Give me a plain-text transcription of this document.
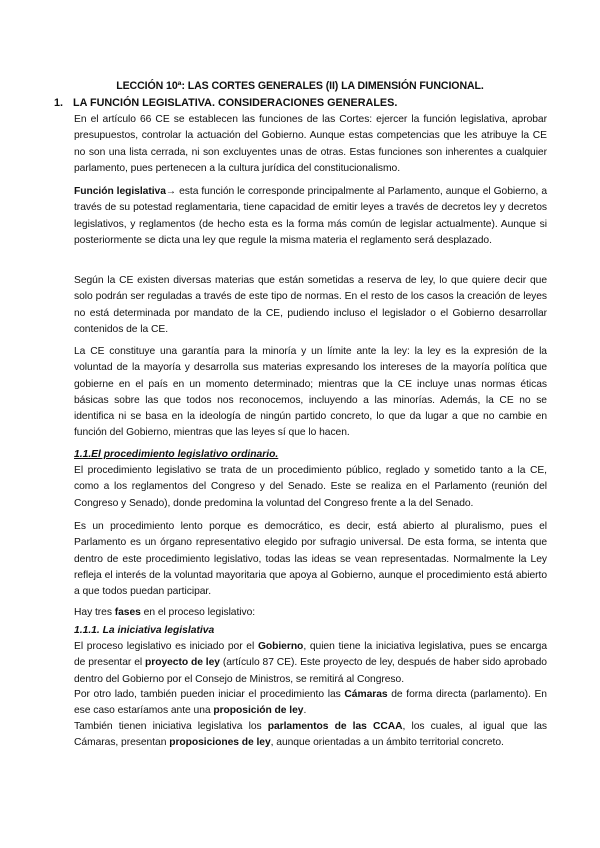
LECCIÓN 10ª: LAS CORTES GENERALES (II) LA DIMENSIÓN FUNCIONAL.
1. LA FUNCIÓN LEGISLATIVA. CONSIDERACIONES GENERALES.

En el artículo 66 CE se establecen las funciones de las Cortes: ejercer la función legislativa, aprobar presupuestos, controlar la actuación del Gobierno. Aunque estas competencias que les atribuye la CE no son una lista cerrada, ni son excluyentes unas de otras. Estas funciones son inherentes a cualquier parlamento, pues pertenecen a la cultura jurídica del constitucionalismo.

Función legislativa→ esta función le corresponde principalmente al Parlamento, aunque el Gobierno, a través de su potestad reglamentaria, tiene capacidad de emitir leyes a través de decretos ley y decretos legislativos, y reglamentos (de hecho esta es la forma más común de legislar actualmente). Aunque si posteriormente se dicta una ley que regule la misma materia el reglamento será desplazado.

Según la CE existen diversas materias que están sometidas a reserva de ley, lo que quiere decir que solo podrán ser reguladas a través de este tipo de normas. En el resto de los casos la creación de leyes no está determinada por mandato de la CE, pudiendo incluso el legislador o el Gobierno desarrollar contenidos de la CE.

La CE constituye una garantía para la minoría y un límite ante la ley: la ley es la expresión de la voluntad de la mayoría y desarrolla sus materias expresando los intereses de la mayoría política que gobierne en el país en un momento determinado; mientras que la CE incluye unas normas éticas básicas sobre las que todos nos reconocemos, incluyendo a las minorías. Además, la CE no se identifica ni se basa en la ideología de ningún partido concreto, lo que da lugar a que no cambie en función del Gobierno, mientras que las leyes sí que lo hacen.

1.1.El procedimiento legislativo ordinario.

El procedimiento legislativo se trata de un procedimiento público, reglado y sometido tanto a la CE, como a los reglamentos del Congreso y del Senado. Este se realiza en el Parlamento (reunión del Congreso y Senado), donde predomina la voluntad del Congreso frente a la del Senado.

Es un procedimiento lento porque es democrático, es decir, está abierto al pluralismo, pues el Parlamento es un órgano representativo elegido por sufragio universal. De esta forma, se intenta que dentro de este procedimiento legislativo, todas las ideas se vean representadas. Normalmente la Ley refleja el interés de la voluntad mayoritaria que apoya al Gobierno, aunque el procedimiento está abierto a que todos puedan participar.

Hay tres fases en el proceso legislativo:

1.1.1. La iniciativa legislativa

El proceso legislativo es iniciado por el Gobierno, quien tiene la iniciativa legislativa, pues se encarga de presentar el proyecto de ley (artículo 87 CE). Este proyecto de ley, después de haber sido aprobado dentro del Gobierno por el Consejo de Ministros, se remitirá al Congreso.

Por otro lado, también pueden iniciar el procedimiento las Cámaras de forma directa (parlamento). En ese caso estaríamos ante una proposición de ley.

También tienen iniciativa legislativa los parlamentos de las CCAA, los cuales, al igual que las Cámaras, presentan proposiciones de ley, aunque orientadas a un ámbito territorial concreto.
